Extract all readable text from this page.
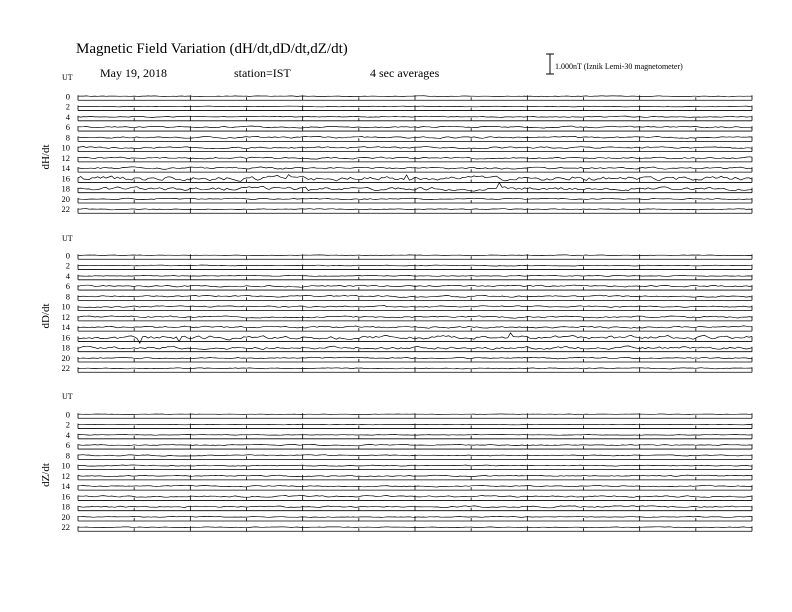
Magnetic Field Variation (dH/dt,dD/dt,dZ/dt)
May 19, 2018	station=IST	4 sec averages	1.000nT (Iznik Lemi-30 magnetometer)
UT
dH/dt
0
2
4
6
8
10
12
14
16
18
20
22
UT
dD/dt
0
2
4
6
8
10
12
14
16
18
20
22
UT
dZ/dt
0
2
4
6
8
10
12
14
16
18
20
22
